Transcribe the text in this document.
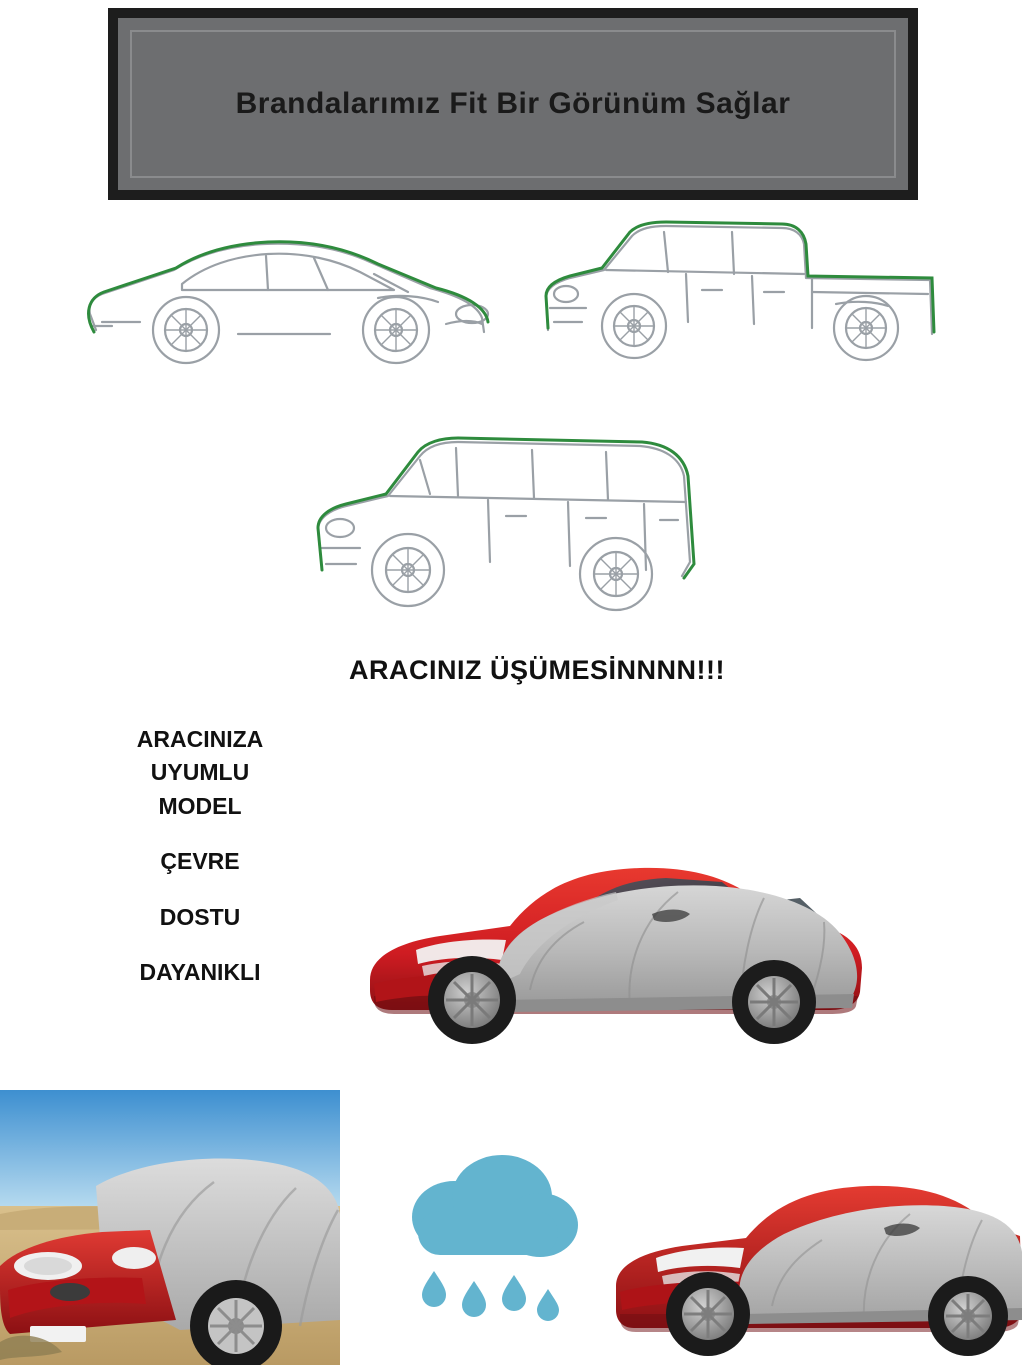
Brandalarımız Fit Bir Görünüm Sağlar
ARACINIZ ÜŞÜMESİNNNN!!!
ARACINIZA
UYUMLU
MODEL
ÇEVRE
DOSTU
DAYANIKLI
